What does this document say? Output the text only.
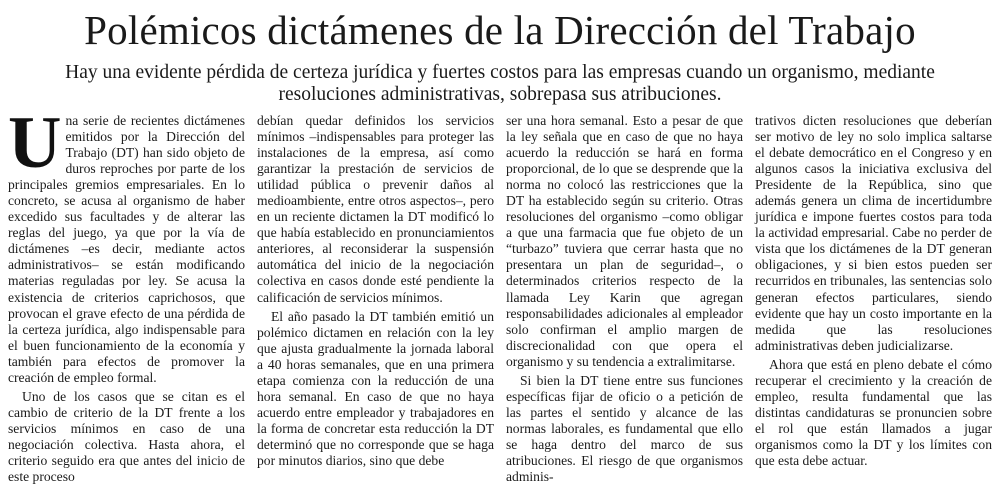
Polémicos dictámenes de la Dirección del Trabajo

Hay una evidente pérdida de certeza jurídica y fuertes costos para las empresas cuando un organismo, mediante resoluciones administrativas, sobrepasa sus atribuciones.

Una serie de recientes dictámenes emitidos por la Dirección del Trabajo (DT) han sido objeto de duros reproches por parte de los principales gremios empresariales. En lo concreto, se acusa al organismo de haber excedido sus facultades y de alterar las reglas del juego, ya que por la vía de dictámenes –es decir, mediante actos administrativos– se están modificando materias reguladas por ley. Se acusa la existencia de criterios caprichosos, que provocan el grave efecto de una pérdida de la certeza jurídica, algo indispensable para el buen funcionamiento de la economía y también para efectos de promover la creación de empleo formal.

Uno de los casos que se citan es el cambio de criterio de la DT frente a los servicios mínimos en caso de una negociación colectiva. Hasta ahora, el criterio seguido era que antes del inicio de este proceso

debían quedar definidos los servicios mínimos –indispensables para proteger las instalaciones de la empresa, así como garantizar la prestación de servicios de utilidad pública o prevenir daños al medioambiente, entre otros aspectos–, pero en un reciente dictamen la DT modificó lo que había establecido en pronunciamientos anteriores, al reconsiderar la suspensión automática del inicio de la negociación colectiva en casos donde esté pendiente la calificación de servicios mínimos.

El año pasado la DT también emitió un polémico dictamen en relación con la ley que ajusta gradualmente la jornada laboral a 40 horas semanales, que en una primera etapa comienza con la reducción de una hora semanal. En caso de que no haya acuerdo entre empleador y trabajadores en la forma de concretar esta reducción la DT determinó que no corresponde que se haga por minutos diarios, sino que debe

ser una hora semanal. Esto a pesar de que la ley señala que en caso de que no haya acuerdo la reducción se hará en forma proporcional, de lo que se desprende que la norma no colocó las restricciones que la DT ha establecido según su criterio. Otras resoluciones del organismo –como obligar a que una farmacia que fue objeto de un “turbazo” tuviera que cerrar hasta que no presentara un plan de seguridad–, o determinados criterios respecto de la llamada Ley Karin que agregan responsabilidades adicionales al empleador solo confirman el amplio margen de discrecionalidad con que opera el organismo y su tendencia a extralimitarse.

Si bien la DT tiene entre sus funciones específicas fijar de oficio o a petición de las partes el sentido y alcance de las normas laborales, es fundamental que ello se haga dentro del marco de sus atribuciones. El riesgo de que organismos adminis-

trativos dicten resoluciones que deberían ser motivo de ley no solo implica saltarse el debate democrático en el Congreso y en algunos casos la iniciativa exclusiva del Presidente de la República, sino que además genera un clima de incertidumbre jurídica e impone fuertes costos para toda la actividad empresarial. Cabe no perder de vista que los dictámenes de la DT generan obligaciones, y si bien estos pueden ser recurridos en tribunales, las sentencias solo generan efectos particulares, siendo evidente que hay un costo importante en la medida que las resoluciones administrativas deben judicializarse.

Ahora que está en pleno debate el cómo recuperar el crecimiento y la creación de empleo, resulta fundamental que las distintas candidaturas se pronuncien sobre el rol que están llamados a jugar organismos como la DT y los límites con que esta debe actuar.
